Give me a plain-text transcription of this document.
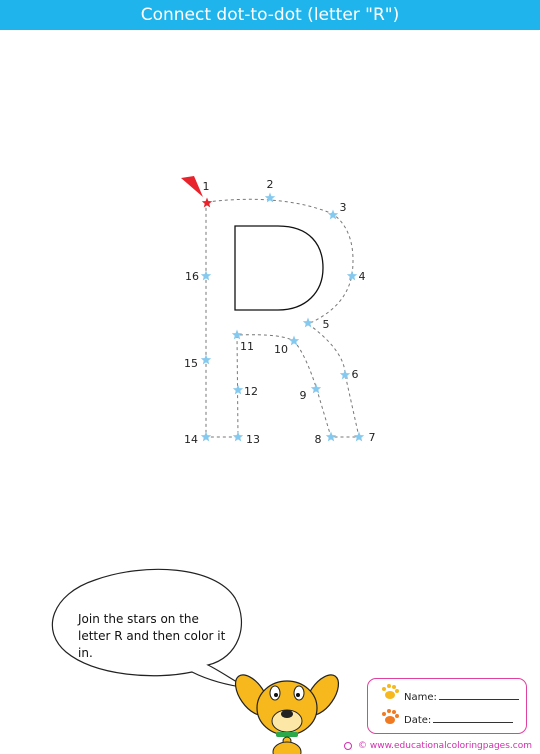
Connect dot-to-dot (letter "R")
1	2
3
4
5
6
7
8
9
10
11
12
13
14
15
16
Join the stars on the letter R and then color it in.
Name:
Date:
© www.educationalcoloringpages.com
